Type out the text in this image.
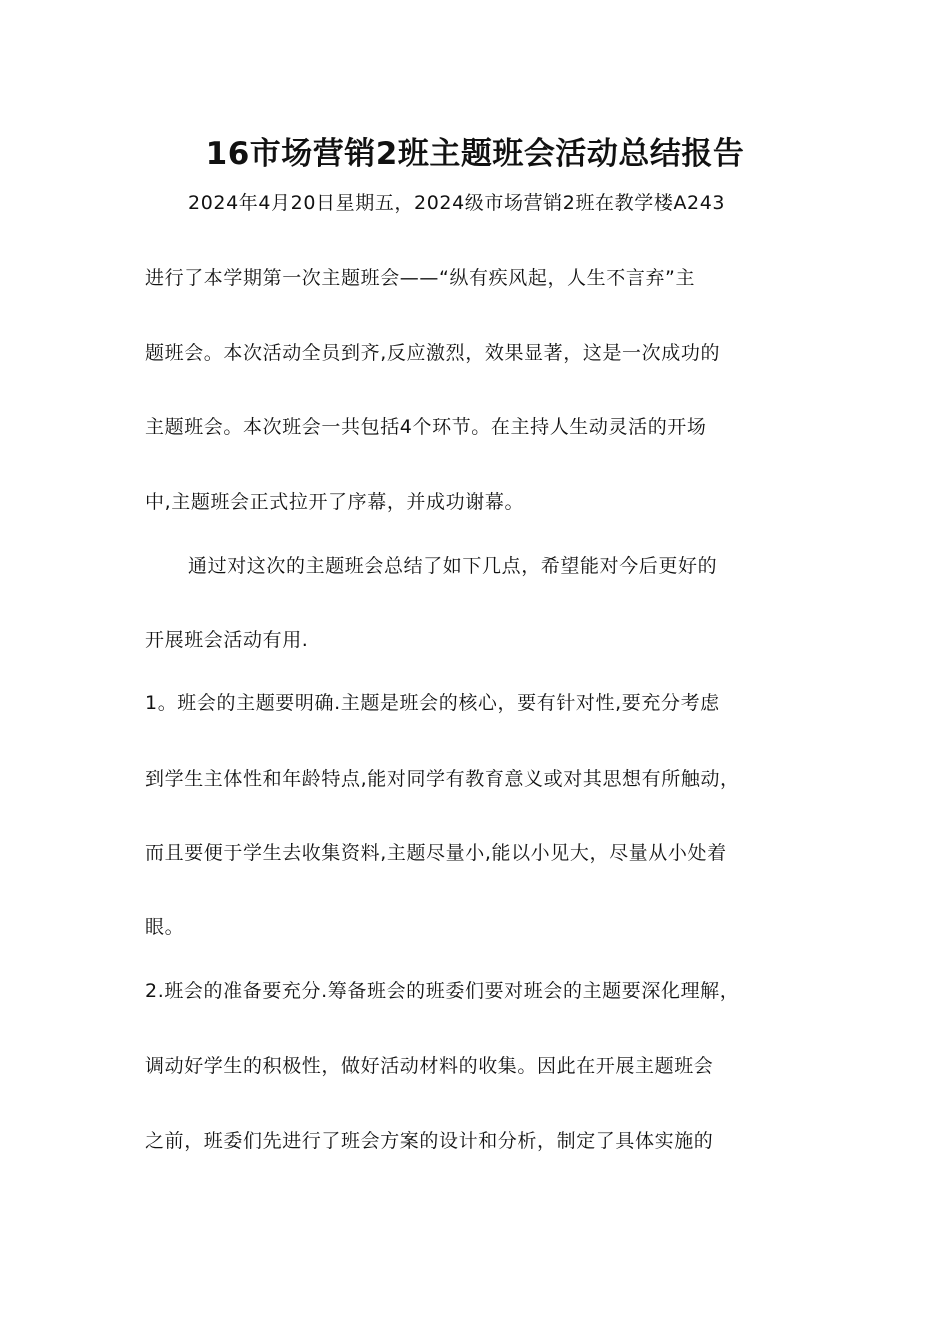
16市场营销2班主题班会活动总结报告
2024年4月20日星期五，2024级市场营销2班在教学楼A243
进行了本学期第一次主题班会——“纵有疾风起，人生不言弃”主
题班会。本次活动全员到齐,反应激烈，效果显著，这是一次成功的
主题班会。本次班会一共包括4个环节。在主持人生动灵活的开场
中,主题班会正式拉开了序幕，并成功谢幕。
通过对这次的主题班会总结了如下几点，希望能对今后更好的
开展班会活动有用.
1。班会的主题要明确.主题是班会的核心，要有针对性,要充分考虑
到学生主体性和年龄特点,能对同学有教育意义或对其思想有所触动，
而且要便于学生去收集资料,主题尽量小,能以小见大，尽量从小处着
眼。
2.班会的准备要充分.筹备班会的班委们要对班会的主题要深化理解，
调动好学生的积极性，做好活动材料的收集。因此在开展主题班会
之前，班委们先进行了班会方案的设计和分析，制定了具体实施的
